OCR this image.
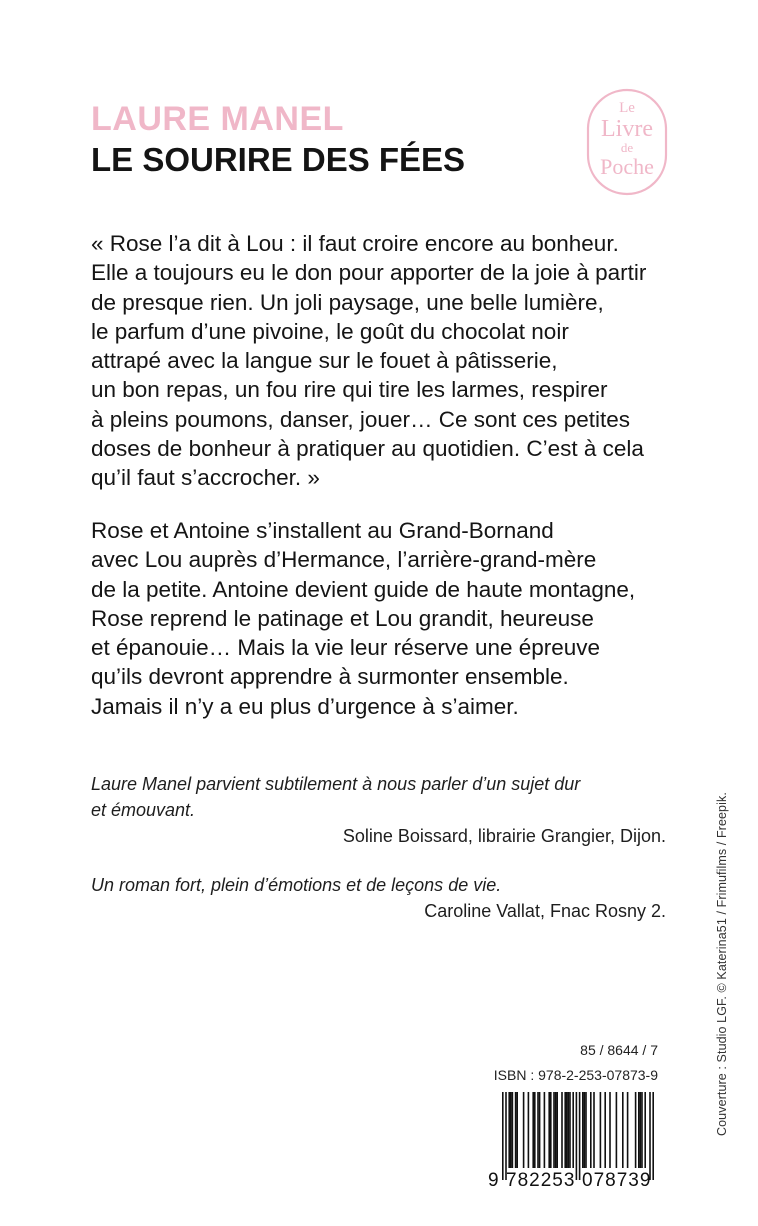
LAURE MANEL
LE SOURIRE DES FÉES
Le
Livre
de
Poche
« Rose l’a dit à Lou : il faut croire encore au bonheur.
Elle a toujours eu le don pour apporter de la joie à partir
de presque rien. Un joli paysage, une belle lumière,
le parfum d’une pivoine, le goût du chocolat noir
attrapé avec la langue sur le fouet à pâtisserie,
un bon repas, un fou rire qui tire les larmes, respirer
à pleins poumons, danser, jouer… Ce sont ces petites
doses de bonheur à pratiquer au quotidien. C’est à cela
qu’il faut s’accrocher. »
Rose et Antoine s’installent au Grand-Bornand
avec Lou auprès d’Hermance, l’arrière-grand-mère
de la petite. Antoine devient guide de haute montagne,
Rose reprend le patinage et Lou grandit, heureuse
et épanouie… Mais la vie leur réserve une épreuve
qu’ils devront apprendre à surmonter ensemble.
Jamais il n’y a eu plus d’urgence à s’aimer.
Laure Manel parvient subtilement à nous parler d’un sujet dur
et émouvant.
Soline Boissard, librairie Grangier, Dijon.
Un roman fort, plein d’émotions et de leçons de vie.
Caroline Vallat, Fnac Rosny 2.
85 / 8644 / 7
ISBN : 978-2-253-07873-9
9 782253 078739
Couverture : Studio LGF. © Katerina51 / Frimufilms / Freepik.
